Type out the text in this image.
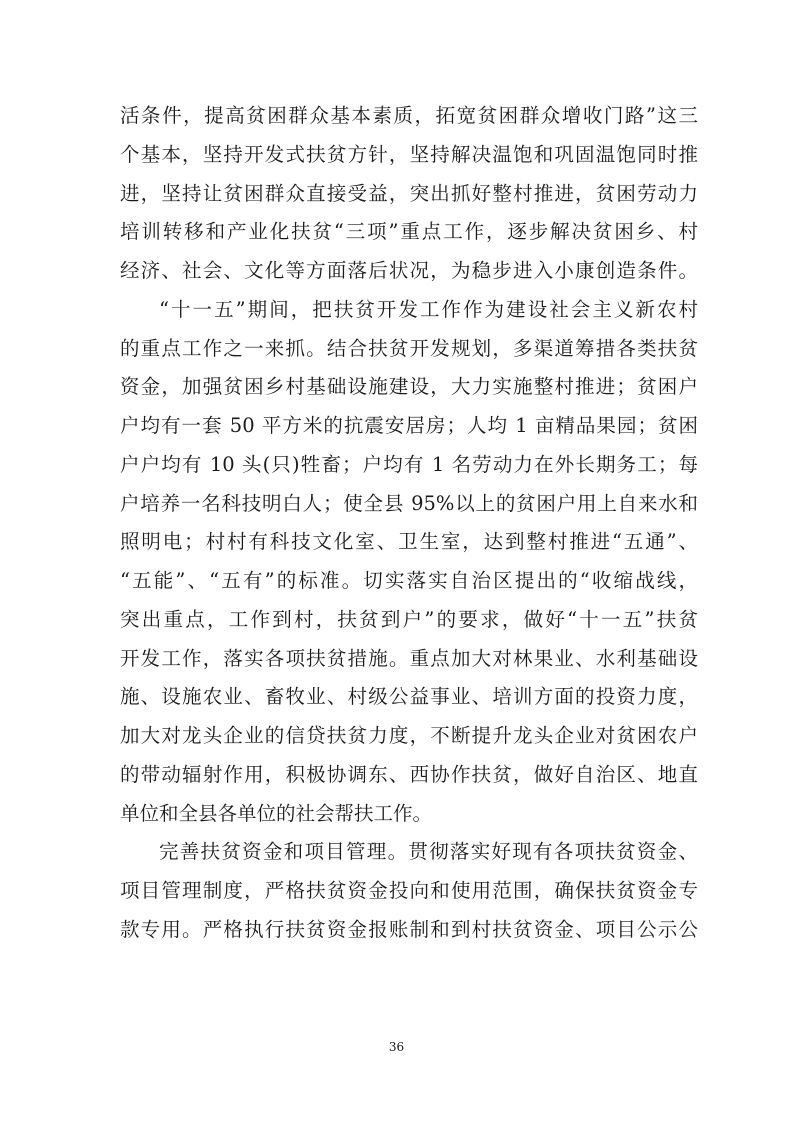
活条件，提高贫困群众基本素质，拓宽贫困群众增收门路”这三
个基本，坚持开发式扶贫方针，坚持解决温饱和巩固温饱同时推
进，坚持让贫困群众直接受益，突出抓好整村推进，贫困劳动力
培训转移和产业化扶贫“三项”重点工作，逐步解决贫困乡、村
经济、社会、文化等方面落后状况，为稳步进入小康创造条件。
“十一五”期间，把扶贫开发工作作为建设社会主义新农村
的重点工作之一来抓。结合扶贫开发规划，多渠道筹措各类扶贫
资金，加强贫困乡村基础设施建设，大力实施整村推进；贫困户
户均有一套 50 平方米的抗震安居房；人均 1 亩精品果园；贫困
户户均有 10 头(只)牲畜；户均有 1 名劳动力在外长期务工；每
户培养一名科技明白人；使全县 95%以上的贫困户用上自来水和
照明电；村村有科技文化室、卫生室，达到整村推进“五通”、
“五能”、“五有”的标准。切实落实自治区提出的“收缩战线，
突出重点，工作到村，扶贫到户”的要求，做好“十一五”扶贫
开发工作，落实各项扶贫措施。重点加大对林果业、水利基础设
施、设施农业、畜牧业、村级公益事业、培训方面的投资力度，
加大对龙头企业的信贷扶贫力度，不断提升龙头企业对贫困农户
的带动辐射作用，积极协调东、西协作扶贫，做好自治区、地直
单位和全县各单位的社会帮扶工作。
完善扶贫资金和项目管理。贯彻落实好现有各项扶贫资金、
项目管理制度，严格扶贫资金投向和使用范围，确保扶贫资金专
款专用。严格执行扶贫资金报账制和到村扶贫资金、项目公示公
36
